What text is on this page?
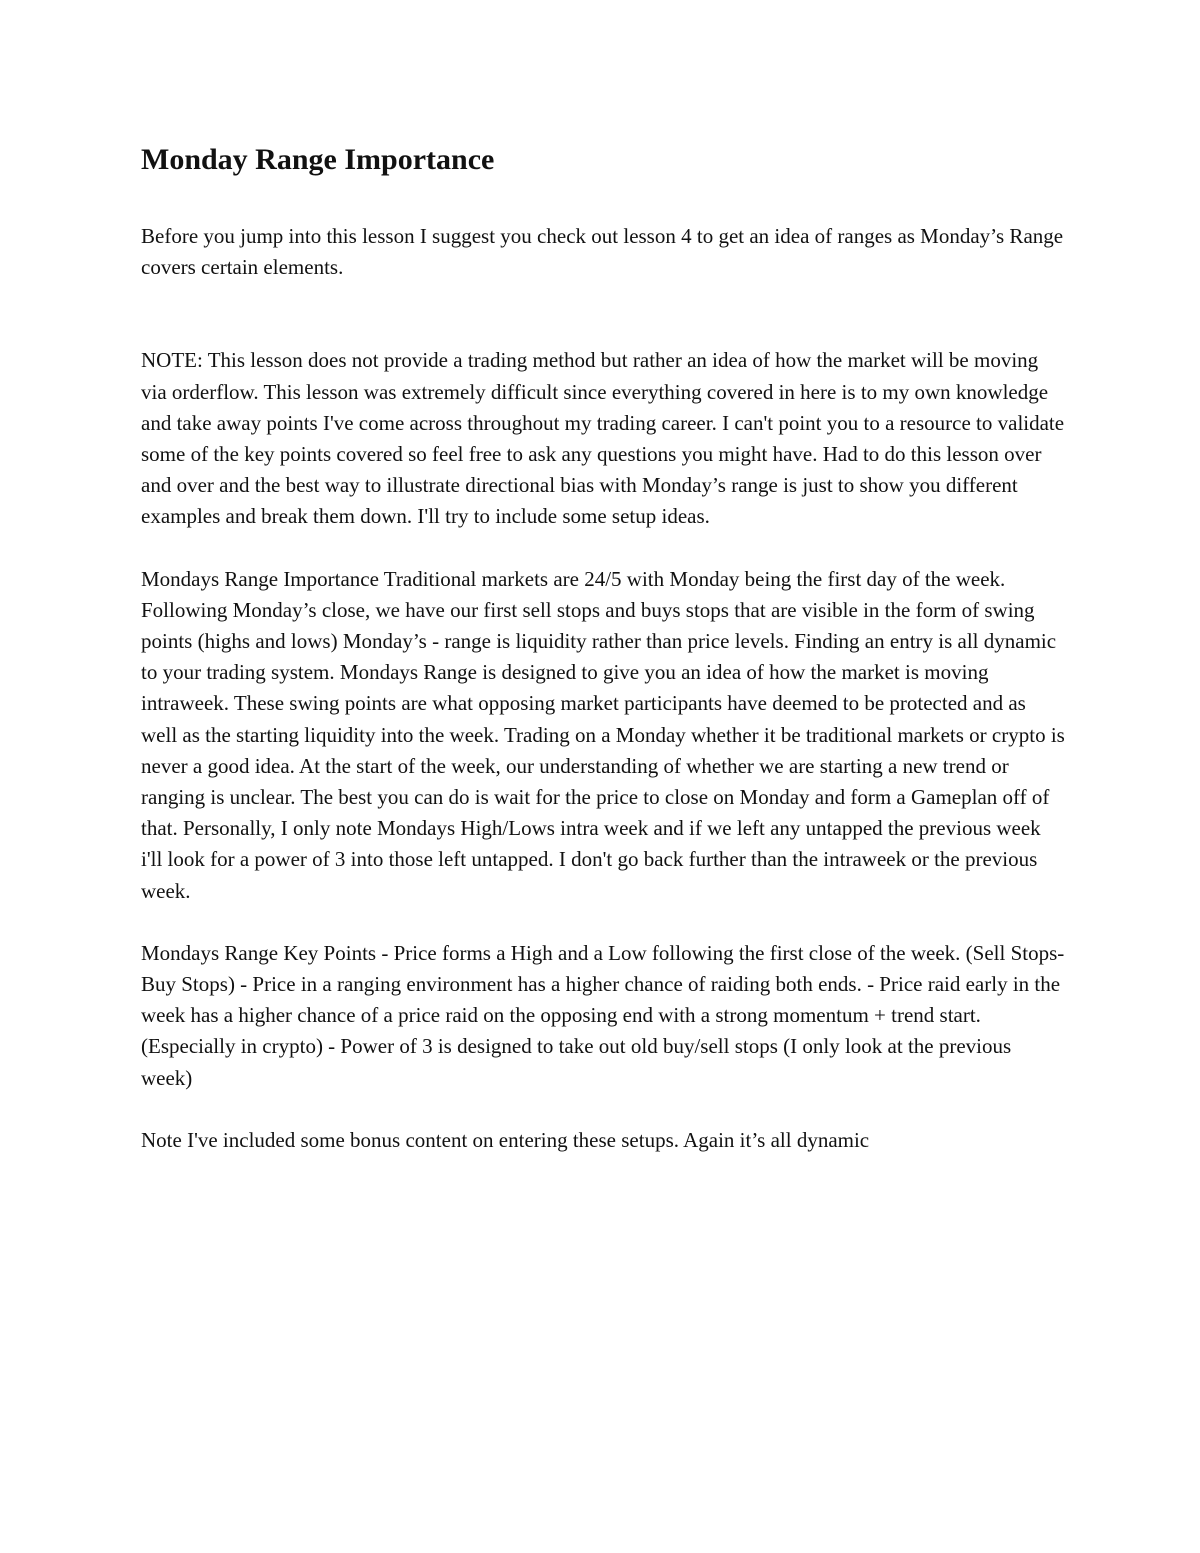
Monday Range Importance

Before you jump into this lesson I suggest you check out lesson 4 to get an idea of ranges as Monday’s Range covers certain elements.

NOTE: This lesson does not provide a trading method but rather an idea of how the market will be moving via orderflow. This lesson was extremely difficult since everything covered in here is to my own knowledge and take away points I've come across throughout my trading career. I can't point you to a resource to validate some of the key points covered so feel free to ask any questions you might have. Had to do this lesson over and over and the best way to illustrate directional bias with Monday’s range is just to show you different examples and break them down. I'll try to include some setup ideas.

Mondays Range Importance Traditional markets are 24/5 with Monday being the first day of the week. Following Monday’s close, we have our first sell stops and buys stops that are visible in the form of swing points (highs and lows) Monday’s - range is liquidity rather than price levels. Finding an entry is all dynamic to your trading system. Mondays Range is designed to give you an idea of how the market is moving intraweek. These swing points are what opposing market participants have deemed to be protected and as well as the starting liquidity into the week. Trading on a Monday whether it be traditional markets or crypto is never a good idea. At the start of the week, our understanding of whether we are starting a new trend or ranging is unclear. The best you can do is wait for the price to close on Monday and form a Gameplan off of that. Personally, I only note Mondays High/Lows intra week and if we left any untapped the previous week i'll look for a power of 3 into those left untapped. I don't go back further than the intraweek or the previous week.

Mondays Range Key Points - Price forms a High and a Low following the first close of the week. (Sell Stops-Buy Stops) - Price in a ranging environment has a higher chance of raiding both ends. - Price raid early in the week has a higher chance of a price raid on the opposing end with a strong momentum + trend start. (Especially in crypto) - Power of 3 is designed to take out old buy/sell stops (I only look at the previous week)

Note I've included some bonus content on entering these setups. Again it’s all dynamic
